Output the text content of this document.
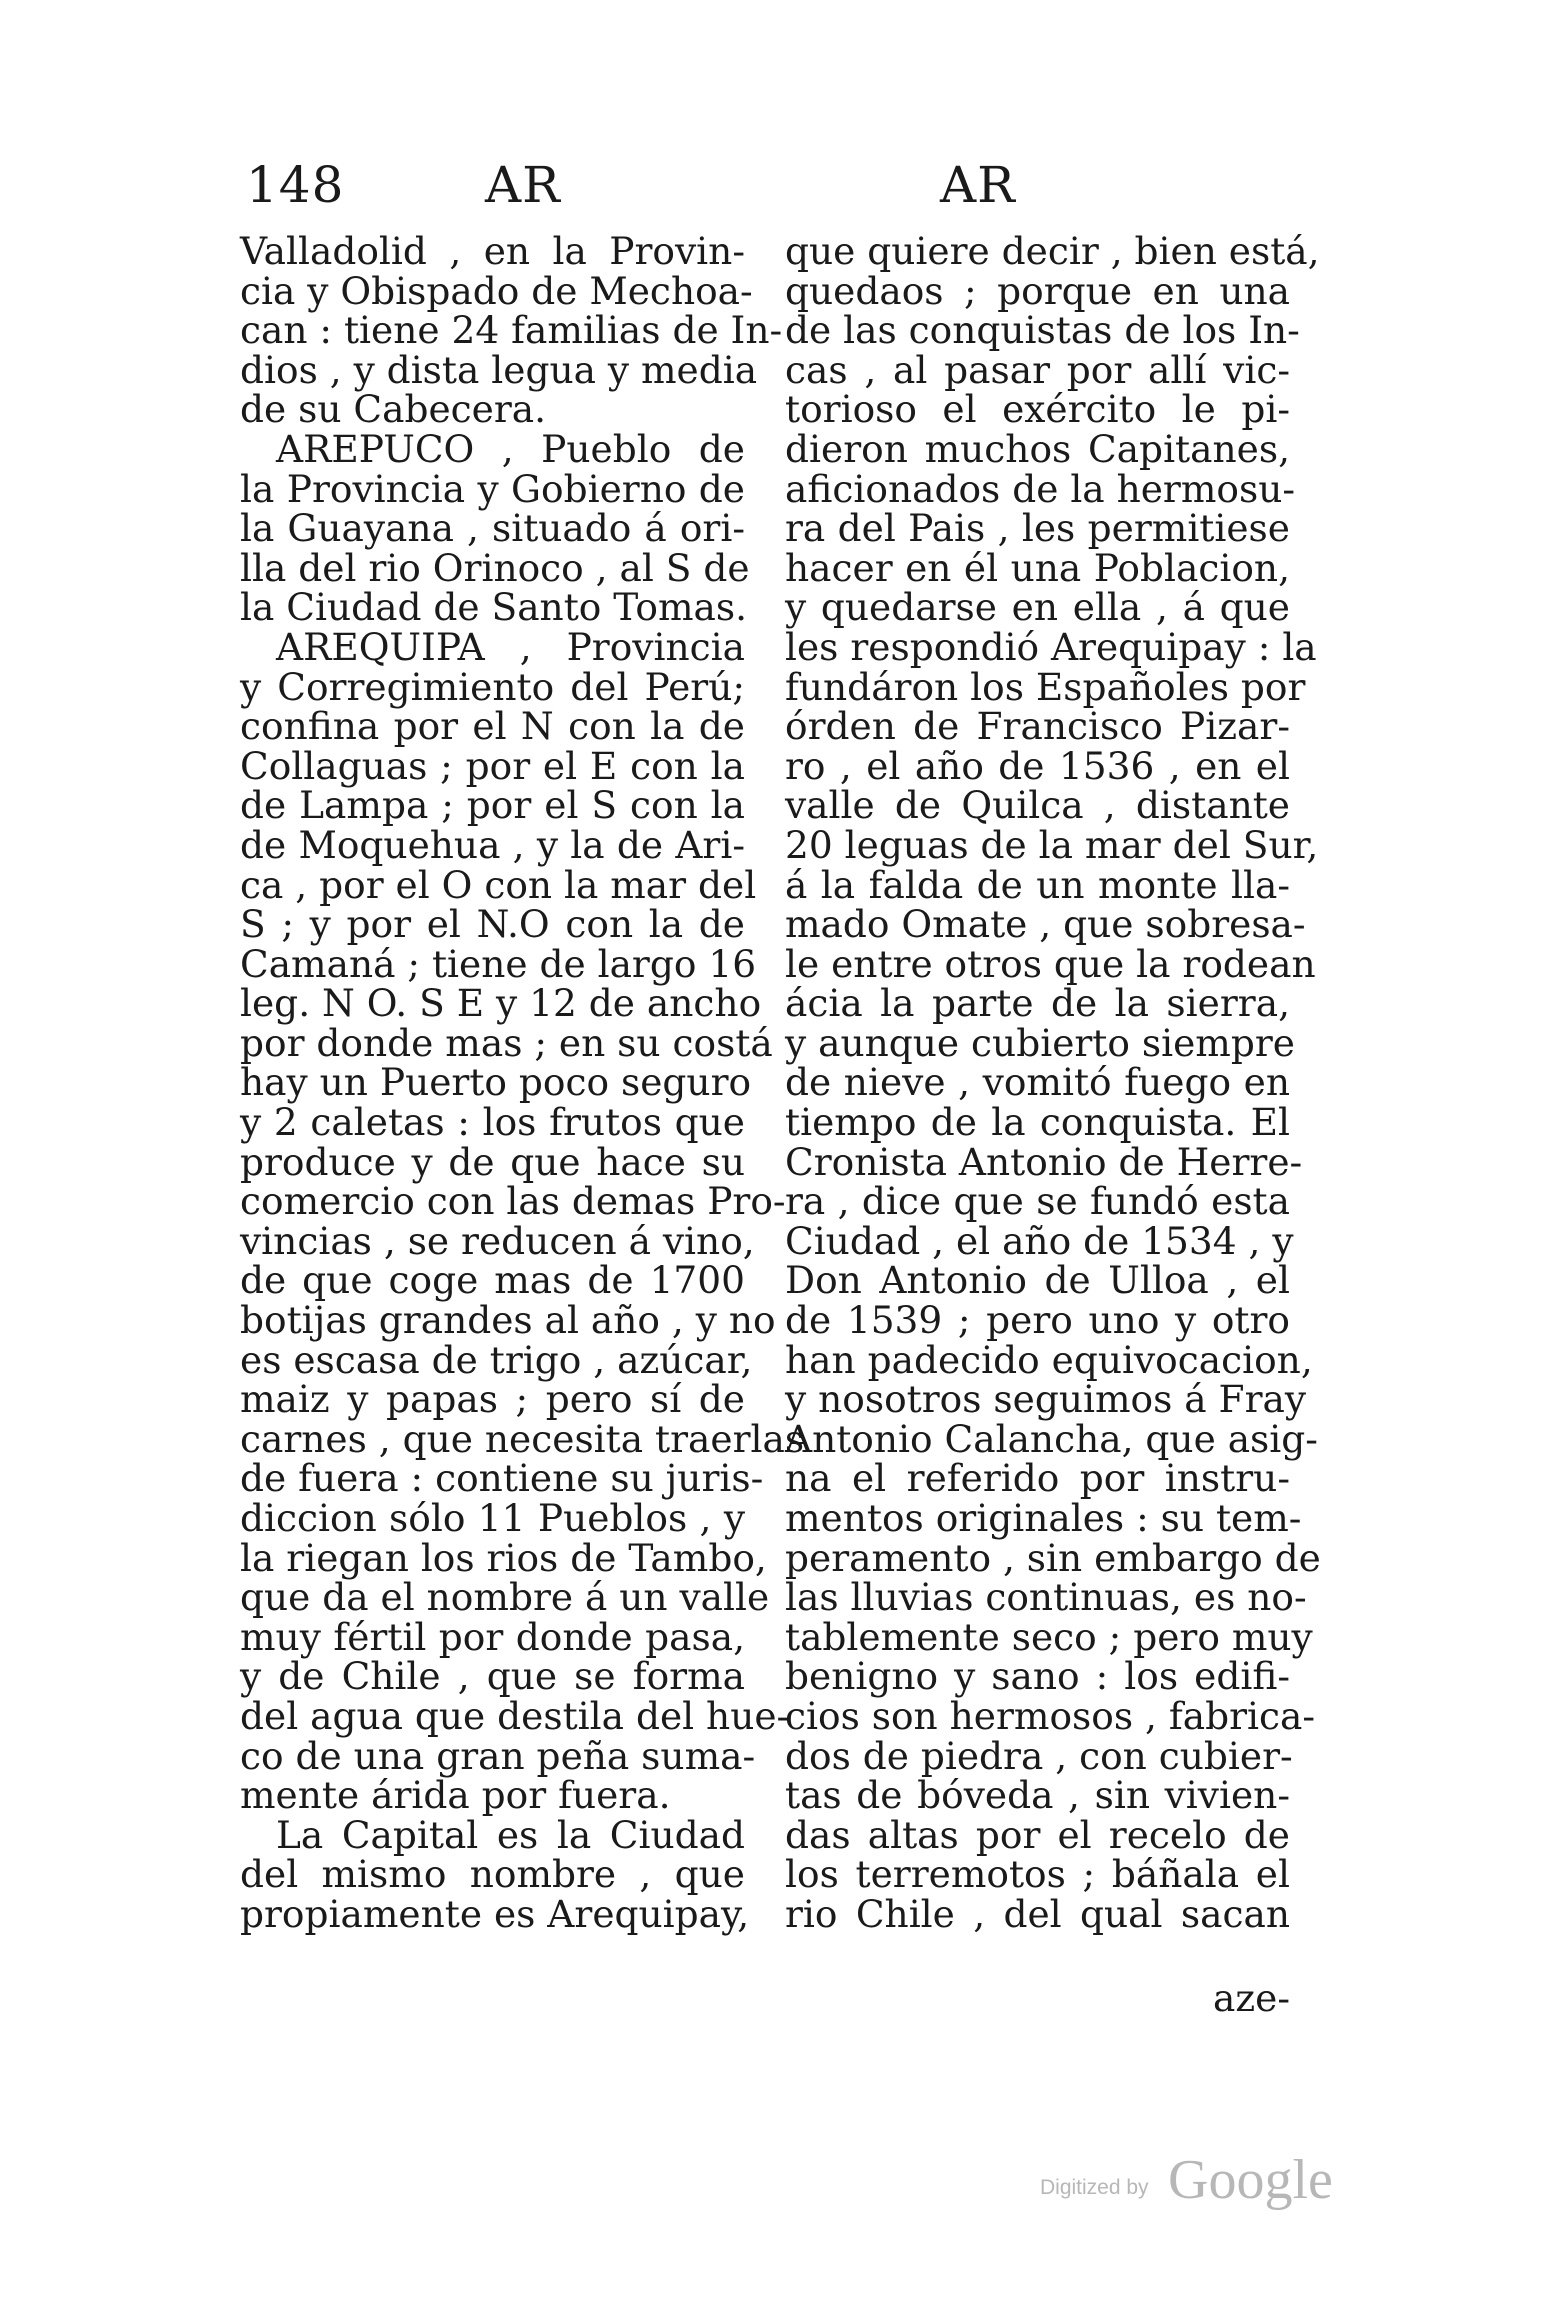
148	AR	AR
Valladolid , en la Provin-
cia y Obispado de Mechoa-
can : tiene 24 familias de In-
dios , y dista legua y media
de su Cabecera.
AREPUCO , Pueblo de
la Provincia y Gobierno de
la Guayana , situado á ori-
lla del rio Orinoco , al S de
la Ciudad de Santo Tomas.
AREQUIPA , Provincia
y Corregimiento del Perú;
confina por el N con la de
Collaguas ; por el E con la
de Lampa ; por el S con la
de Moquehua , y la de Ari-
ca , por el O con la mar del
S ; y por el N.O con la de
Camaná ; tiene de largo 16
leg. N O. S E y 12 de ancho
por donde mas ; en su costá
hay un Puerto poco seguro
y 2 caletas : los frutos que
produce y de que hace su
comercio con las demas Pro-
vincias , se reducen á vino,
de que coge mas de 1700
botijas grandes al año , y no
es escasa de trigo , azúcar,
maiz y papas ; pero sí de
carnes , que necesita traerlas
de fuera : contiene su juris-
diccion sólo 11 Pueblos , y
la riegan los rios de Tambo,
que da el nombre á un valle
muy fértil por donde pasa,
y de Chile , que se forma
del agua que destila del hue-
co de una gran peña suma-
mente árida por fuera.
La Capital es la Ciudad
del mismo nombre , que
propiamente es Arequipay,
que quiere decir , bien está,
quedaos ; porque en una
de las conquistas de los In-
cas , al pasar por allí vic-
torioso el exército le pi-
dieron muchos Capitanes,
aficionados de la hermosu-
ra del Pais , les permitiese
hacer en él una Poblacion,
y quedarse en ella , á que
les respondió Arequipay : la
fundáron los Españoles por
órden de Francisco Pizar-
ro , el año de 1536 , en el
valle de Quilca , distante
20 leguas de la mar del Sur,
á la falda de un monte lla-
mado Omate , que sobresa-
le entre otros que la rodean
ácia la parte de la sierra,
y aunque cubierto siempre
de nieve , vomitó fuego en
tiempo de la conquista. El
Cronista Antonio de Herre-
ra , dice que se fundó esta
Ciudad , el año de 1534 , y
Don Antonio de Ulloa , el
de 1539 ; pero uno y otro
han padecido equivocacion,
y nosotros seguimos á Fray
Antonio Calancha, que asig-
na el referido por instru-
mentos originales : su tem-
peramento , sin embargo de
las lluvias continuas, es no-
tablemente seco ; pero muy
benigno y sano : los edifi-
cios son hermosos , fabrica-
dos de piedra , con cubier-
tas de bóveda , sin vivien-
das altas por el recelo de
los terremotos ; báñala el
rio Chile , del qual sacan
aze-
Digitized by Google
